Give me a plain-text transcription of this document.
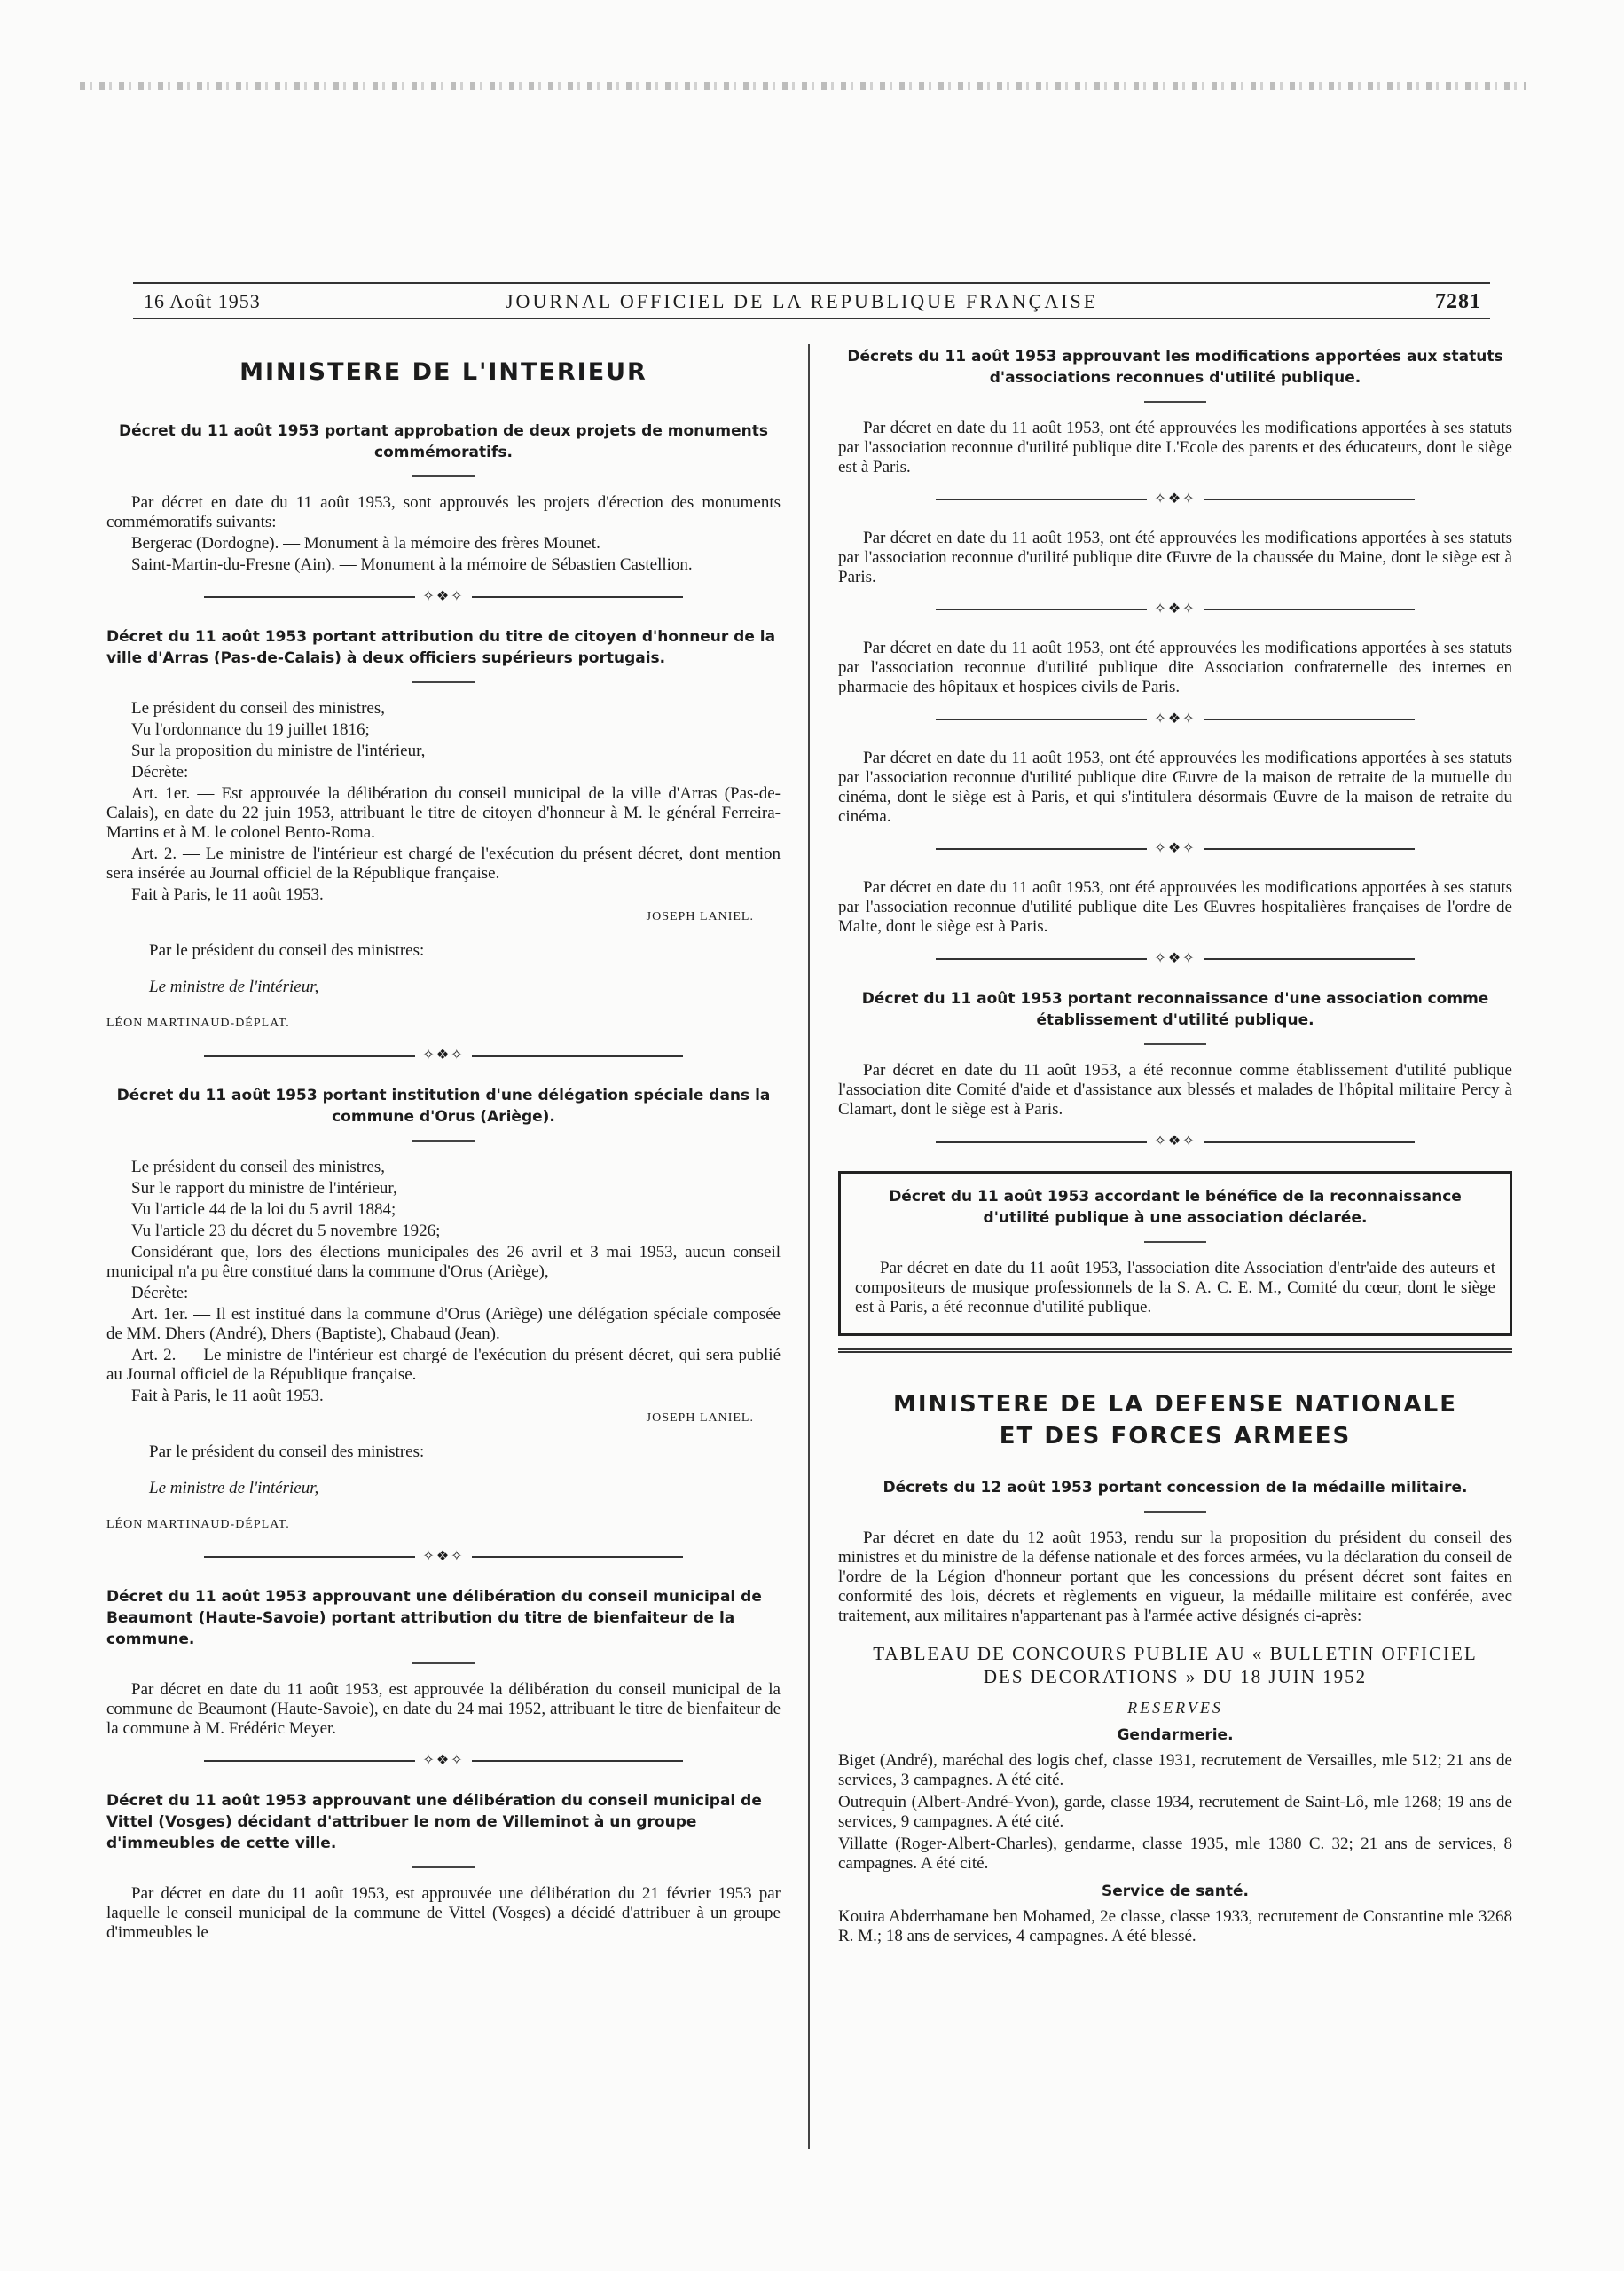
16 Août 1953	JOURNAL OFFICIEL DE LA REPUBLIQUE FRANÇAISE	7281
MINISTERE DE L'INTERIEUR

Décret du 11 août 1953 portant approbation de deux projets de monuments commémoratifs.

Par décret en date du 11 août 1953, sont approuvés les projets d'érection des monuments commémoratifs suivants:

Bergerac (Dordogne). — Monument à la mémoire des frères Mounet.

Saint-Martin-du-Fresne (Ain). — Monument à la mémoire de Sébastien Castellion.

✧❖✧

Décret du 11 août 1953 portant attribution du titre de citoyen d'honneur de la ville d'Arras (Pas-de-Calais) à deux officiers supérieurs portugais.

Le président du conseil des ministres,

Vu l'ordonnance du 19 juillet 1816;

Sur la proposition du ministre de l'intérieur,

Décrète:

Art. 1er. — Est approuvée la délibération du conseil municipal de la ville d'Arras (Pas-de-Calais), en date du 22 juin 1953, attribuant le titre de citoyen d'honneur à M. le général Ferreira-Martins et à M. le colonel Bento-Roma.

Art. 2. — Le ministre de l'intérieur est chargé de l'exécution du présent décret, dont mention sera insérée au Journal officiel de la République française.

Fait à Paris, le 11 août 1953.

JOSEPH LANIEL.

Par le président du conseil des ministres:

Le ministre de l'intérieur,

LÉON MARTINAUD-DÉPLAT.

✧❖✧

Décret du 11 août 1953 portant institution d'une délégation spéciale dans la commune d'Orus (Ariège).

Le président du conseil des ministres,

Sur le rapport du ministre de l'intérieur,

Vu l'article 44 de la loi du 5 avril 1884;

Vu l'article 23 du décret du 5 novembre 1926;

Considérant que, lors des élections municipales des 26 avril et 3 mai 1953, aucun conseil municipal n'a pu être constitué dans la commune d'Orus (Ariège),

Décrète:

Art. 1er. — Il est institué dans la commune d'Orus (Ariège) une délégation spéciale composée de MM. Dhers (André), Dhers (Baptiste), Chabaud (Jean).

Art. 2. — Le ministre de l'intérieur est chargé de l'exécution du présent décret, qui sera publié au Journal officiel de la République française.

Fait à Paris, le 11 août 1953.

JOSEPH LANIEL.

Par le président du conseil des ministres:

Le ministre de l'intérieur,

LÉON MARTINAUD-DÉPLAT.

✧❖✧

Décret du 11 août 1953 approuvant une délibération du conseil municipal de Beaumont (Haute-Savoie) portant attribution du titre de bienfaiteur de la commune.

Par décret en date du 11 août 1953, est approuvée la délibération du conseil municipal de la commune de Beaumont (Haute-Savoie), en date du 24 mai 1952, attribuant le titre de bienfaiteur de la commune à M. Frédéric Meyer.

✧❖✧

Décret du 11 août 1953 approuvant une délibération du conseil municipal de Vittel (Vosges) décidant d'attribuer le nom de Villeminot à un groupe d'immeubles de cette ville.

Par décret en date du 11 août 1953, est approuvée une délibération du 21 février 1953 par laquelle le conseil municipal de la commune de Vittel (Vosges) a décidé d'attribuer à un groupe d'immeubles le

Décrets du 11 août 1953 approuvant les modifications apportées aux statuts d'associations reconnues d'utilité publique.

Par décret en date du 11 août 1953, ont été approuvées les modifications apportées à ses statuts par l'association reconnue d'utilité publique dite L'Ecole des parents et des éducateurs, dont le siège est à Paris.

✧❖✧

Par décret en date du 11 août 1953, ont été approuvées les modifications apportées à ses statuts par l'association reconnue d'utilité publique dite Œuvre de la chaussée du Maine, dont le siège est à Paris.

✧❖✧

Par décret en date du 11 août 1953, ont été approuvées les modifications apportées à ses statuts par l'association reconnue d'utilité publique dite Association confraternelle des internes en pharmacie des hôpitaux et hospices civils de Paris.

✧❖✧

Par décret en date du 11 août 1953, ont été approuvées les modifications apportées à ses statuts par l'association reconnue d'utilité publique dite Œuvre de la maison de retraite de la mutuelle du cinéma, dont le siège est à Paris, et qui s'intitulera désormais Œuvre de la maison de retraite du cinéma.

✧❖✧

Par décret en date du 11 août 1953, ont été approuvées les modifications apportées à ses statuts par l'association reconnue d'utilité publique dite Les Œuvres hospitalières françaises de l'ordre de Malte, dont le siège est à Paris.

✧❖✧

Décret du 11 août 1953 portant reconnaissance d'une association comme établissement d'utilité publique.

Par décret en date du 11 août 1953, a été reconnue comme établissement d'utilité publique l'association dite Comité d'aide et d'assistance aux blessés et malades de l'hôpital militaire Percy à Clamart, dont le siège est à Paris.

✧❖✧

Décret du 11 août 1953 accordant le bénéfice de la reconnaissance d'utilité publique à une association déclarée.

Par décret en date du 11 août 1953, l'association dite Association d'entr'aide des auteurs et compositeurs de musique professionnels de la S. A. C. E. M., Comité du cœur, dont le siège est à Paris, a été reconnue d'utilité publique.

MINISTERE DE LA DEFENSE NATIONALE
ET DES FORCES ARMEES

Décrets du 12 août 1953 portant concession de la médaille militaire.

Par décret en date du 12 août 1953, rendu sur la proposition du président du conseil des ministres et du ministre de la défense nationale et des forces armées, vu la déclaration du conseil de l'ordre de la Légion d'honneur portant que les concessions du présent décret sont faites en conformité des lois, décrets et règlements en vigueur, la médaille militaire est conférée, avec traitement, aux militaires n'appartenant pas à l'armée active désignés ci-après:

TABLEAU DE CONCOURS PUBLIE AU « BULLETIN OFFICIEL
DES DECORATIONS » DU 18 JUIN 1952

RESERVES

Gendarmerie.

Biget (André), maréchal des logis chef, classe 1931, recrutement de Versailles, mle 512; 21 ans de services, 3 campagnes. A été cité.

Outrequin (Albert-André-Yvon), garde, classe 1934, recrutement de Saint-Lô, mle 1268; 19 ans de services, 9 campagnes. A été cité.

Villatte (Roger-Albert-Charles), gendarme, classe 1935, mle 1380 C. 32; 21 ans de services, 8 campagnes. A été cité.

Service de santé.

Kouira Abderrhamane ben Mohamed, 2e classe, classe 1933, recrutement de Constantine mle 3268 R. M.; 18 ans de services, 4 campagnes. A été blessé.
